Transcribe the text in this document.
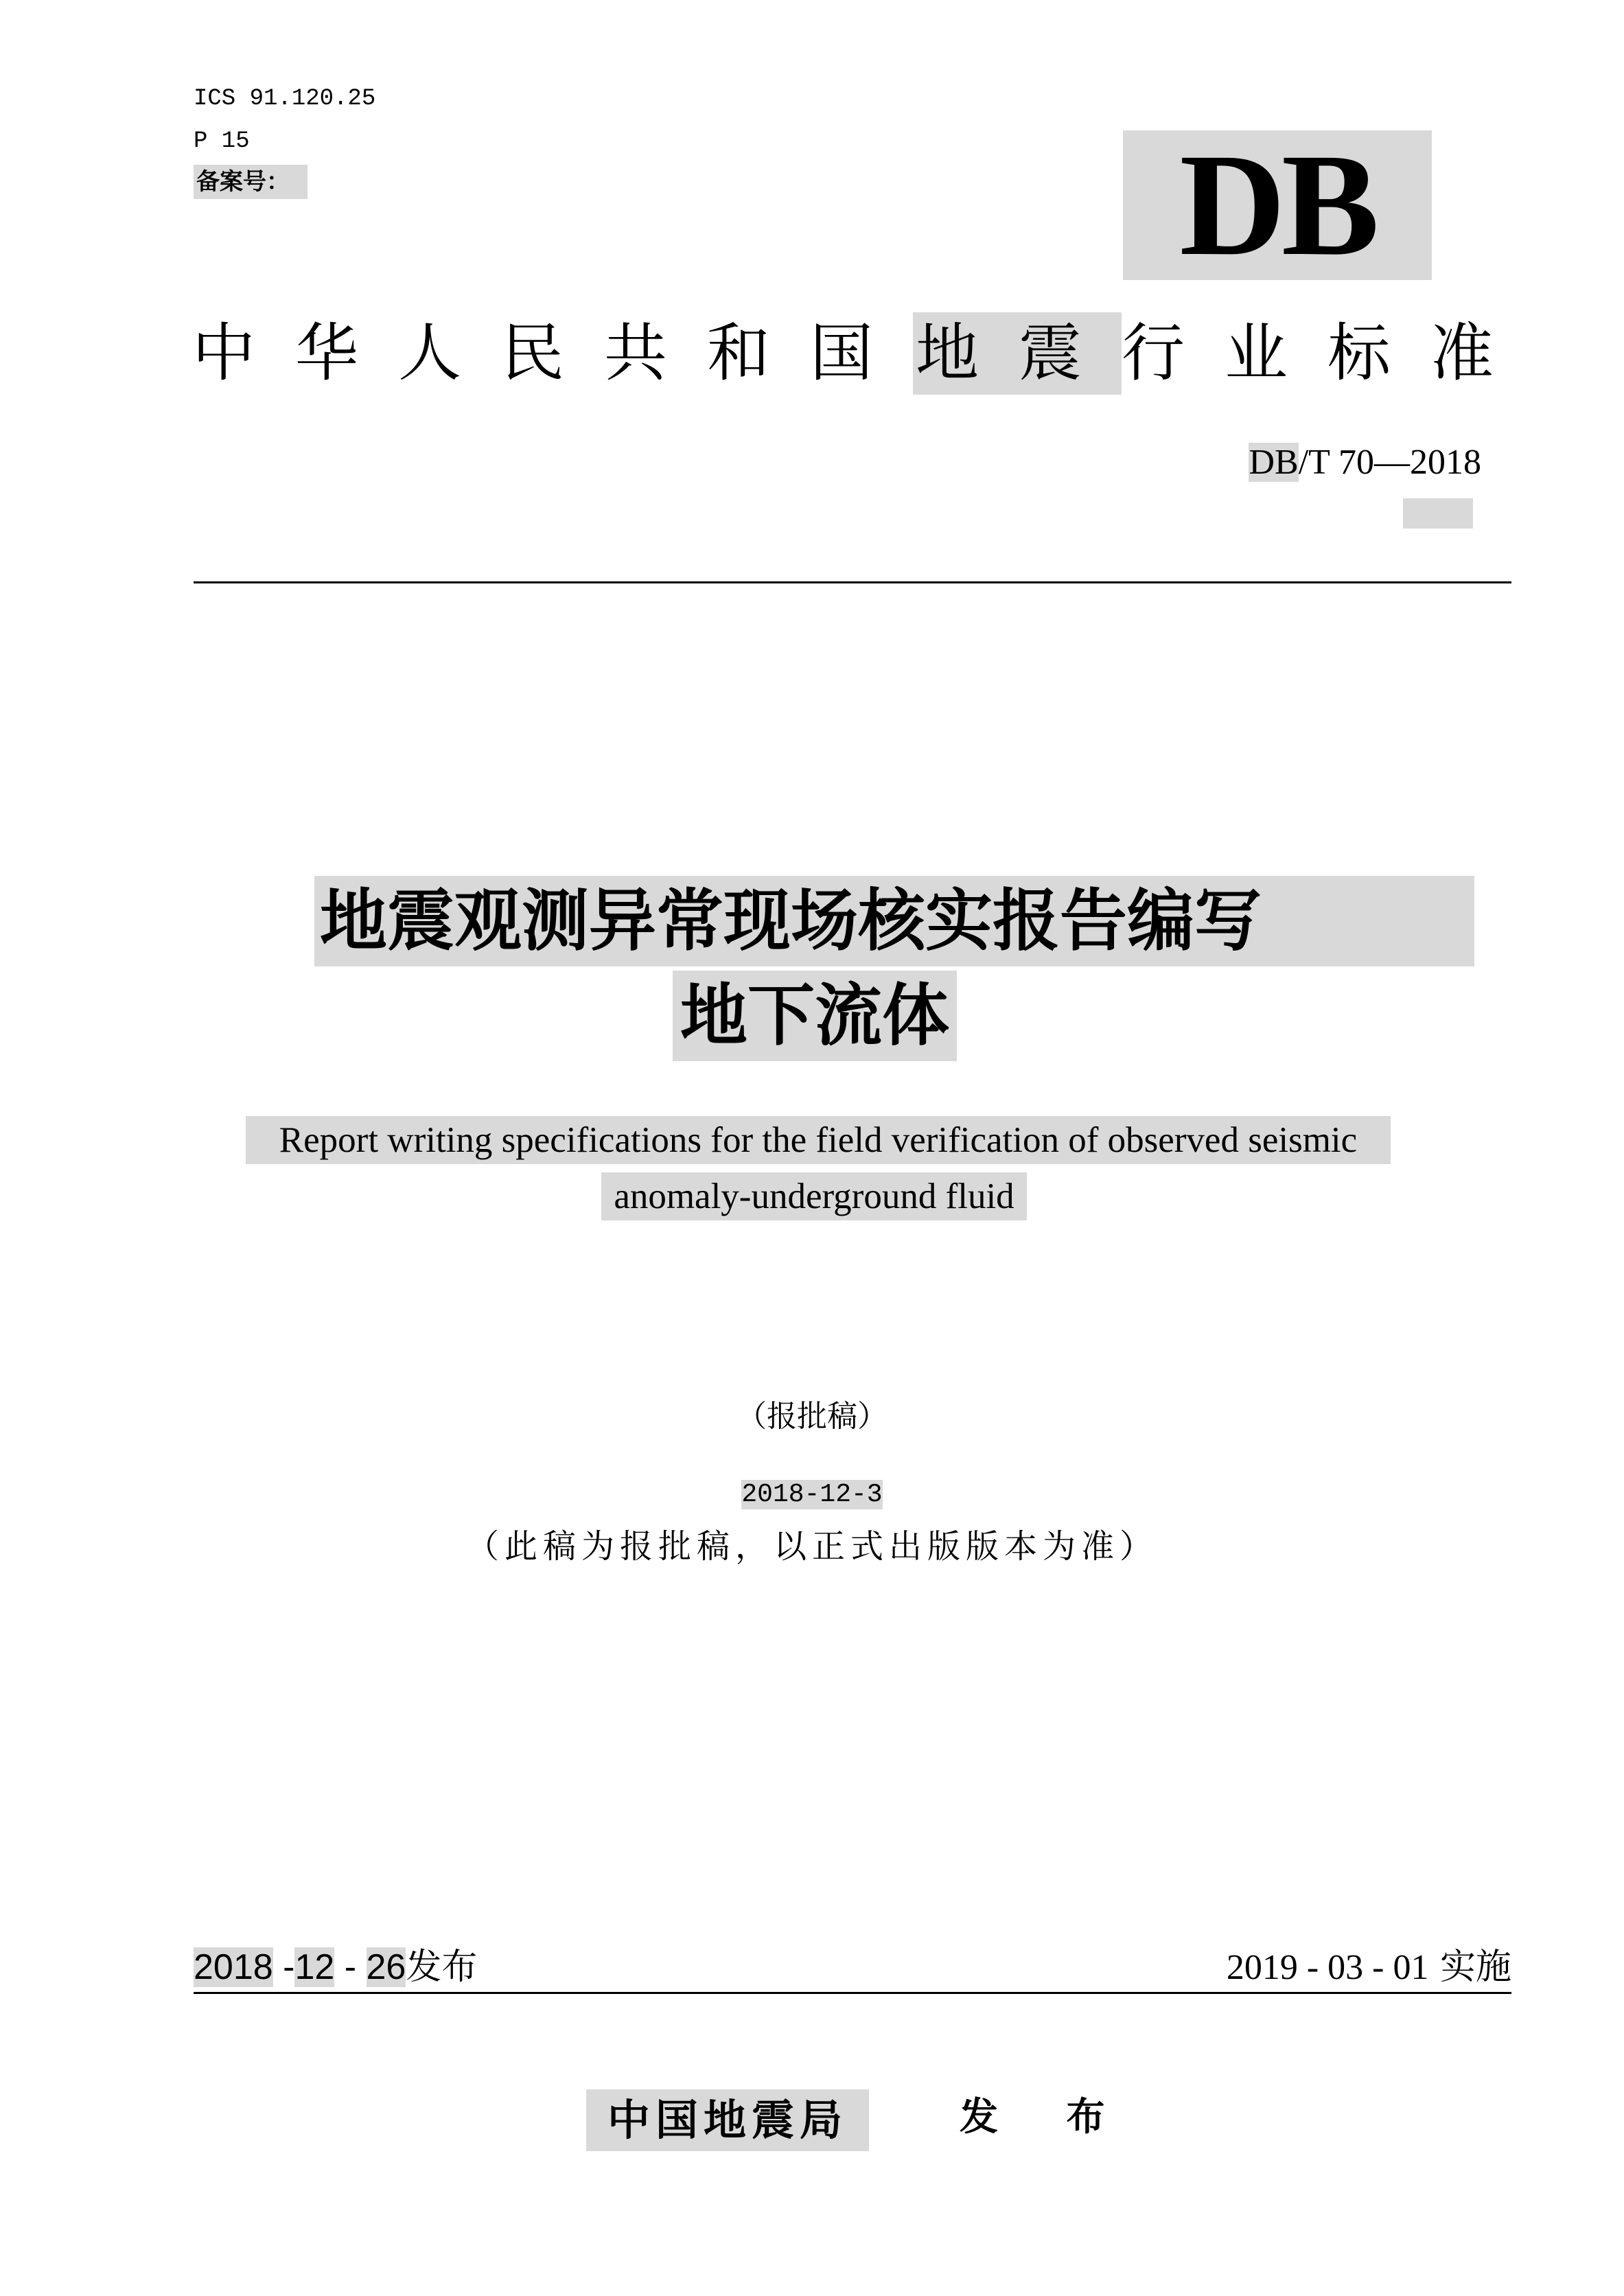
ICS 91.120.25
P 15
备案号：	DB
中华人民共和国地震行业标准
DB/T 70—2018
地震观测异常现场核实报告编写
地下流体
Report writing specifications for the field verification of observed seismic
anomaly-underground fluid
（报批稿）
2018-12-3
（此稿为报批稿，以正式出版版本为准）
2018 -12 - 26发布	2019 - 03 - 01 实施
中国地震局	发 布
